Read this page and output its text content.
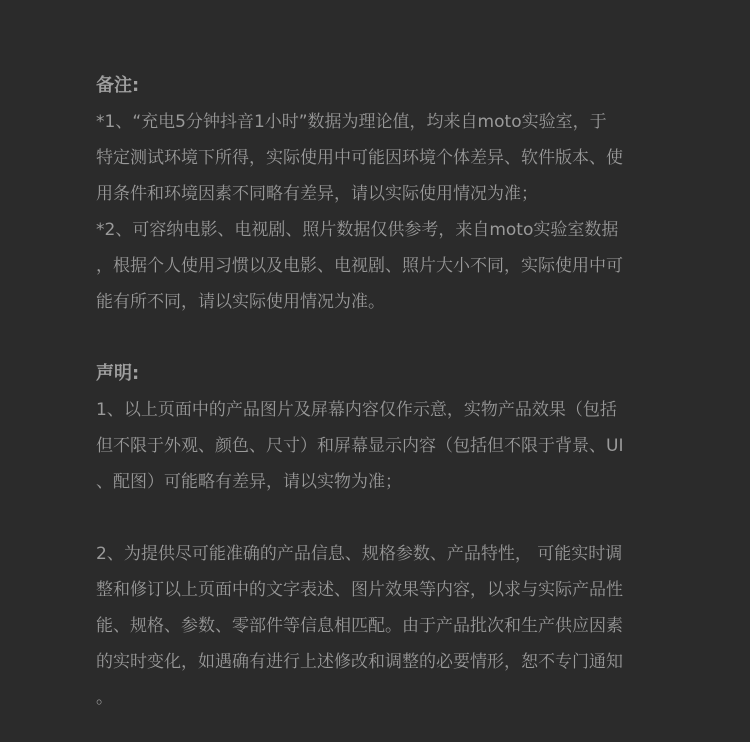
备注:
*1、“充电5分钟抖音1小时”数据为理论值，均来自moto实验室，于
特定测试环境下所得，实际使用中可能因环境个体差异、软件版本、使
用条件和环境因素不同略有差异，请以实际使用情况为准；
*2、可容纳电影、电视剧、照片数据仅供参考，来自moto实验室数据
，根据个人使用习惯以及电影、电视剧、照片大小不同，实际使用中可
能有所不同，请以实际使用情况为准。
声明:
1、以上页面中的产品图片及屏幕内容仅作示意，实物产品效果（包括
但不限于外观、颜色、尺寸）和屏幕显示内容（包括但不限于背景、UI
、配图）可能略有差异，请以实物为准；
2、为提供尽可能准确的产品信息、规格参数、产品特性， 可能实时调
整和修订以上页面中的文字表述、图片效果等内容，以求与实际产品性
能、规格、参数、零部件等信息相匹配。由于产品批次和生产供应因素
的实时变化，如遇确有进行上述修改和调整的必要情形，恕不专门通知
。
